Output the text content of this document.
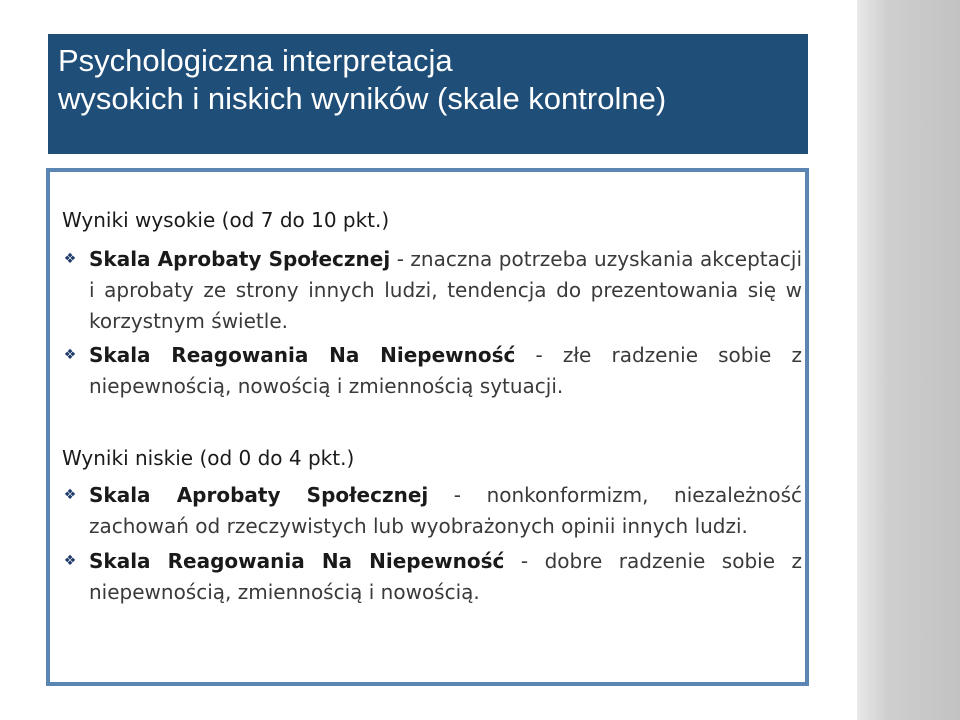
Psychologiczna interpretacja
wysokich i niskich wyników (skale kontrolne)
Wyniki wysokie (od 7 do 10 pkt.)
❖ Skala Aprobaty Społecznej - znaczna potrzeba uzyskania akceptacji i aprobaty ze strony innych ludzi, tendencja do prezentowania się w korzystnym świetle.
❖ Skala Reagowania Na Niepewność - złe radzenie sobie z niepewnością, nowością i zmiennością sytuacji.
Wyniki niskie (od 0 do 4 pkt.)
❖ Skala Aprobaty Społecznej - nonkonformizm, niezależność zachowań od rzeczywistych lub wyobrażonych opinii innych ludzi.
❖ Skala Reagowania Na Niepewność - dobre radzenie sobie z niepewnością, zmiennością i nowością.
